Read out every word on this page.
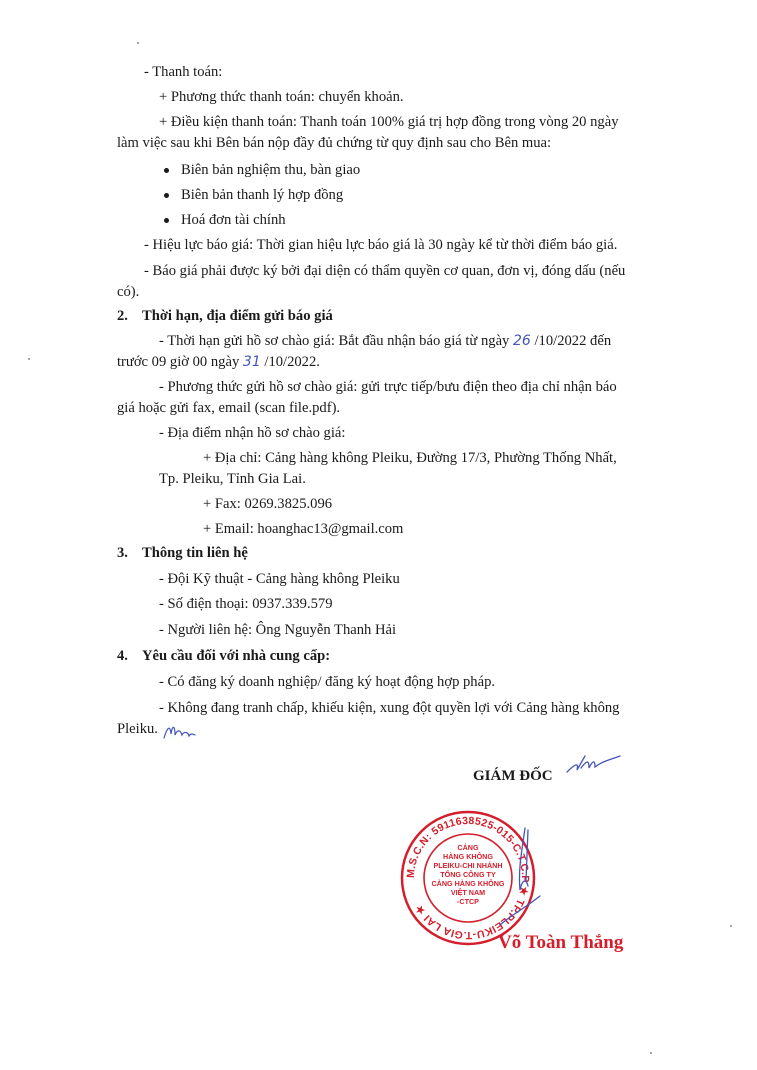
- Thanh toán:
+ Phương thức thanh toán: chuyển khoản.
+ Điều kiện thanh toán: Thanh toán 100% giá trị hợp đồng trong vòng 20 ngày
làm việc sau khi Bên bán nộp đầy đủ chứng từ quy định sau cho Bên mua:
Biên bản nghiệm thu, bàn giao
Biên bản thanh lý hợp đồng
Hoá đơn tài chính
- Hiệu lực báo giá: Thời gian hiệu lực báo giá là 30 ngày kể từ thời điểm báo giá.
- Báo giá phải được ký bởi đại diện có thẩm quyền cơ quan, đơn vị, đóng dấu (nếu
có).
2. Thời hạn, địa điểm gửi báo giá
- Thời hạn gửi hồ sơ chào giá: Bắt đầu nhận báo giá từ ngày 26 /10/2022 đến
trước 09 giờ 00 ngày 31 /10/2022.
- Phương thức gửi hồ sơ chào giá: gửi trực tiếp/bưu điện theo địa chỉ nhận báo
giá hoặc gửi fax, email (scan file.pdf).
- Địa điểm nhận hồ sơ chào giá:
+ Địa chỉ: Cảng hàng không Pleiku, Đường 17/3, Phường Thống Nhất,
Tp. Pleiku, Tỉnh Gia Lai.
+ Fax: 0269.3825.096
+ Email: hoanghac13@gmail.com
3. Thông tin liên hệ
- Đội Kỹ thuật - Cảng hàng không Pleiku
- Số điện thoại: 0937.339.579
- Người liên hệ: Ông Nguyễn Thanh Hải
4. Yêu cầu đối với nhà cung cấp:
- Có đăng ký doanh nghiệp/ đăng ký hoạt động hợp pháp.
- Không đang tranh chấp, khiếu kiện, xung đột quyền lợi với Cảng hàng không
Pleiku.
GIÁM ĐỐC
M.S.C.N: 5911638525-015-C.T.C.P ★ TP.PLEIKU-T.GIA LAI ★
CẢNG
HÀNG KHÔNG
PLEIKU-CHI NHÁNH
TỔNG CÔNG TY
CẢNG HÀNG KHÔNG
VIỆT NAM
-CTCP
Võ Toàn Thắng
